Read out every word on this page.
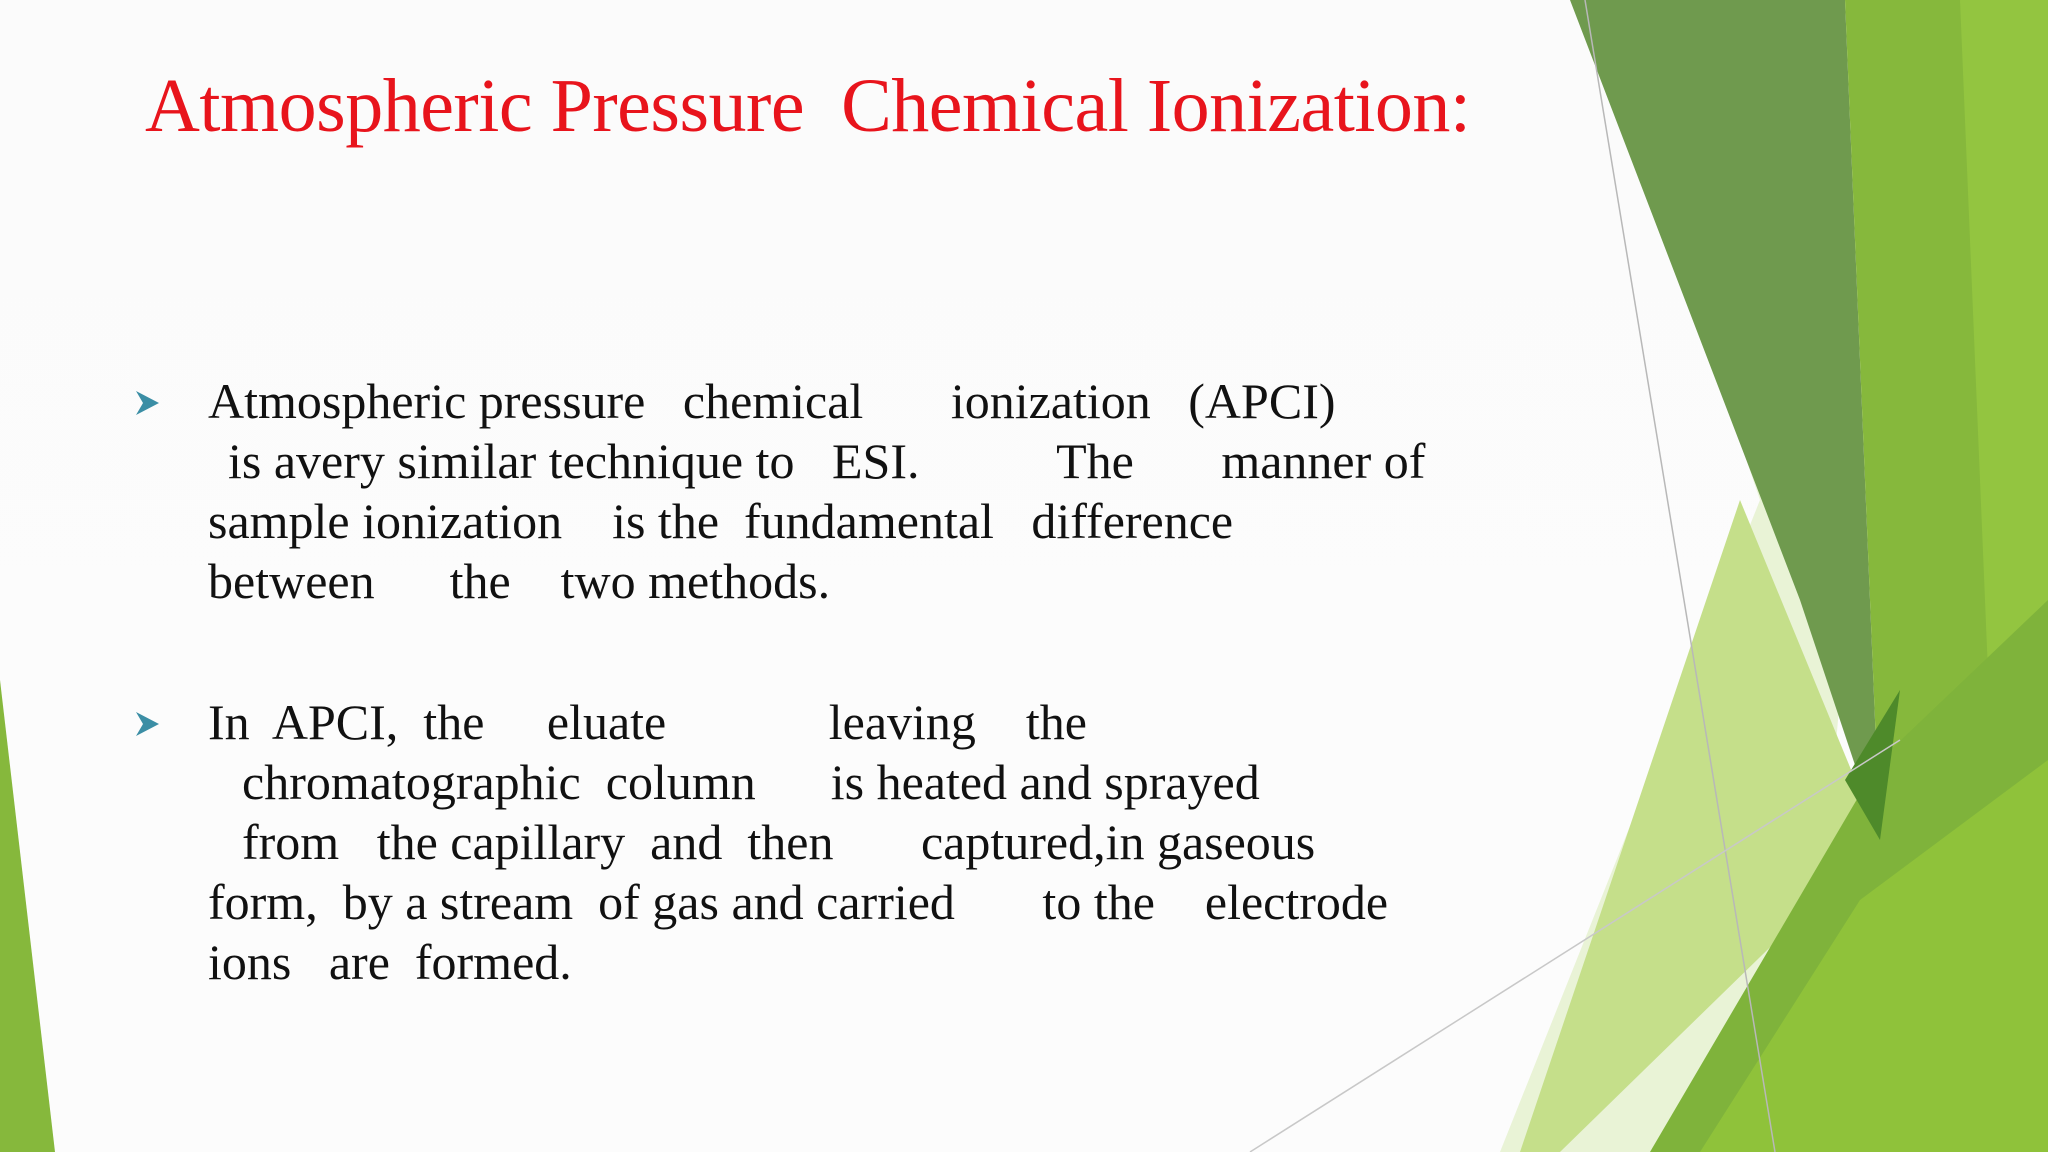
Atmospheric Pressure  Chemical Ionization:
Atmospheric pressure   chemical       ionization   (APCI)
is avery similar technique to   ESI.           The       manner of
sample ionization    is the  fundamental   difference
between      the    two methods.
In  APCI,  the     eluate             leaving    the
chromatographic  column      is heated and sprayed
from   the capillary  and  then       captured,in gaseous
form,  by a stream  of gas and carried       to the    electrode
ions   are  formed.
